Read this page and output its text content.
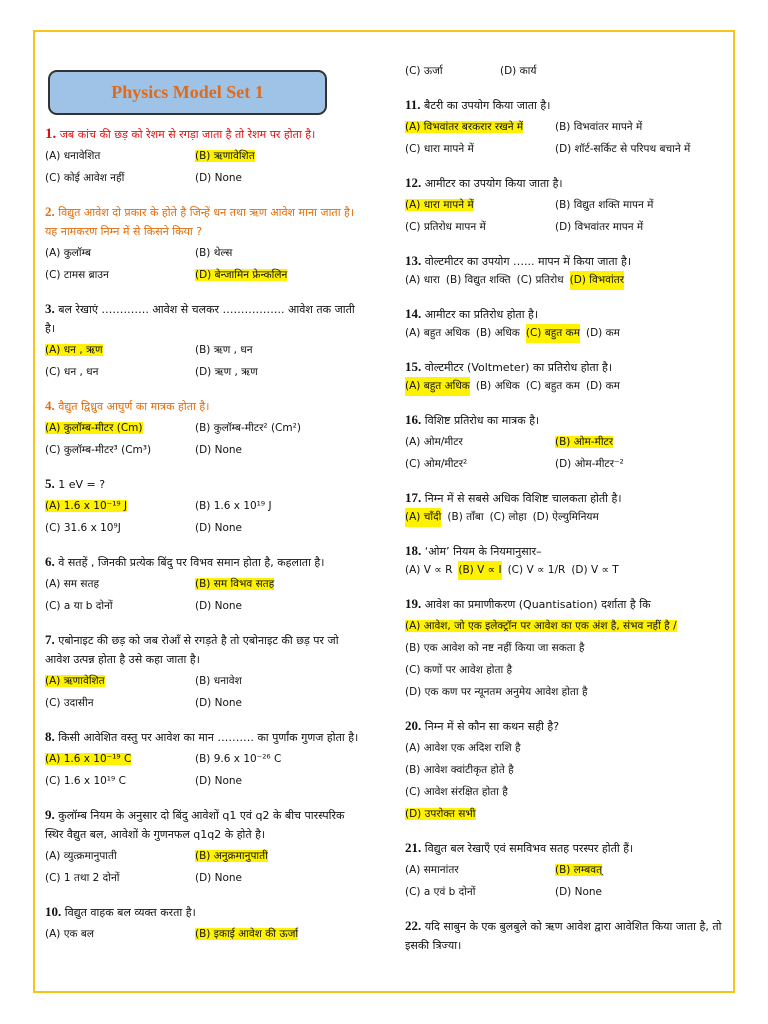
Physics Model Set 1
1. जब कांच की छड़ को रेशम से रगड़ा जाता है तो रेशम पर होता है।
(A) धनावेशित	(B) ऋणावेशित
(C) कोई आवेश नहीं	(D) None
2. विद्युत आवेश दो प्रकार के होते है जिन्हें धन तथा ऋण आवेश माना जाता है। यह नामकरण निम्न में से किसने किया ?
(A) कुलॉम्ब	(B) थेल्स
(C) टामस ब्राउन	(D) बेन्जामिन फ्रेन्कलिन
3. बल रेखाएं …………. आवेश से चलकर …………….. आवेश तक जाती है।
(A) धन , ऋण	(B) ऋण , धन
(C) धन , धन	(D) ऋण , ऋण
4. वैद्युत द्विध्रुव आघुर्ण का मात्रक होता है।
(A) कुलॉम्ब-मीटर (Cm)	(B) कुलॉम्ब-मीटर² (Cm²)
(C) कुलॉम्ब-मीटर³ (Cm³)	(D) None
5. 1 eV = ?
(A) 1.6 x 10⁻¹⁹ J	(B) 1.6 x 10¹⁹ J
(C) 31.6 x 10⁹J	(D) None
6. वे सतहें , जिनकी प्रत्येक बिंदु पर विभव समान होता है, कहलाता है।
(A) सम सतह	(B) सम विभव सतह
(C) a या b दोनों	(D) None
7. एबोनाइट की छड़ को जब रोआँ से रगड़ते है तो एबोनाइट की छड़ पर जो आवेश उत्पन्न होता है उसे कहा जाता है।
(A) ऋणावेशित	(B) धनावेश
(C) उदासीन	(D) None
8. किसी आवेशित वस्तु पर आवेश का मान ………. का पुर्णांक गुणज होता है।
(A) 1.6 x 10⁻¹⁹ C	(B) 9.6 x 10⁻²⁶ C
(C) 1.6 x 10¹⁹ C	(D) None
9. कुलॉम्ब नियम के अनुसार दो बिंदु आवेशों q1 एवं q2 के बीच पारस्परिक स्थिर वैद्युत बल, आवेशों के गुणनफल q1q2 के होते है।
(A) व्युत्क्रमानुपाती	(B) अनुक्रमानुपाती
(C) 1 तथा 2 दोनों	(D) None
10. विद्युत वाहक बल व्यक्त करता है।
(A) एक बल	(B) इकाई आवेश की ऊर्जा
(C) ऊर्जा	(D) कार्य
11. बैटरी का उपयोग किया जाता है।
(A) विभवांतर बरकरार रखने में	(B) विभवांतर मापने में
(C) धारा मापने में	(D) शॉर्ट-सर्किट से परिपथ बचाने में
12. आमीटर का उपयोग किया जाता है।
(A) धारा मापने में	(B) विद्युत शक्ति मापन में
(C) प्रतिरोध मापन में	(D) विभवांतर मापन में
13. वोल्टमीटर का उपयोग …... मापन में किया जाता है।
(A) धारा (B) विद्युत शक्ति (C) प्रतिरोध (D) विभवांतर
14. आमीटर का प्रतिरोध होता है।
(A) बहुत अधिक (B) अधिक (C) बहुत कम (D) कम
15. वोल्टमीटर (Voltmeter) का प्रतिरोध होता है।
(A) बहुत अधिक (B) अधिक (C) बहुत कम (D) कम
16. विशिष्ट प्रतिरोध का मात्रक है।
(A) ओम/मीटर	(B) ओम-मीटर
(C) ओम/मीटर²	(D) ओम-मीटर⁻²
17. निम्न में से सबसे अधिक विशिष्ट चालकता होती है।
(A) चाँदी (B) ताँबा (C) लोहा (D) ऐल्युमिनियम
18. ‘ओम’ नियम के नियमानुसार–
(A) V ∝ R (B) V ∝ I (C) V ∝ 1/R (D) V ∝ T
19. आवेश का प्रमाणीकरण (Quantisation) दर्शाता है कि
(A) आवेश, जो एक इलेक्ट्रॉन पर आवेश का एक अंश है, संभव नहीं है /
(B) एक आवेश को नष्ट नहीं किया जा सकता है
(C) कणों पर आवेश होता है
(D) एक कण पर न्यूनतम अनुमेय आवेश होता है
20. निम्न में से कौन सा कथन सही है?
(A) आवेश एक अदिश राशि है
(B) आवेश क्वांटीकृत होते है
(C) आवेश संरक्षित होता है
(D) उपरोक्त सभी
21. विद्युत बल रेखाएँ एवं समविभव सतह परस्पर होती हैं।
(A) समानांतर	(B) लम्बवत्
(C) a एवं b दोनों	(D) None
22. यदि साबुन के एक बुलबुले को ऋण आवेश द्वारा आवेशित किया जाता है, तो इसकी त्रिज्या।
